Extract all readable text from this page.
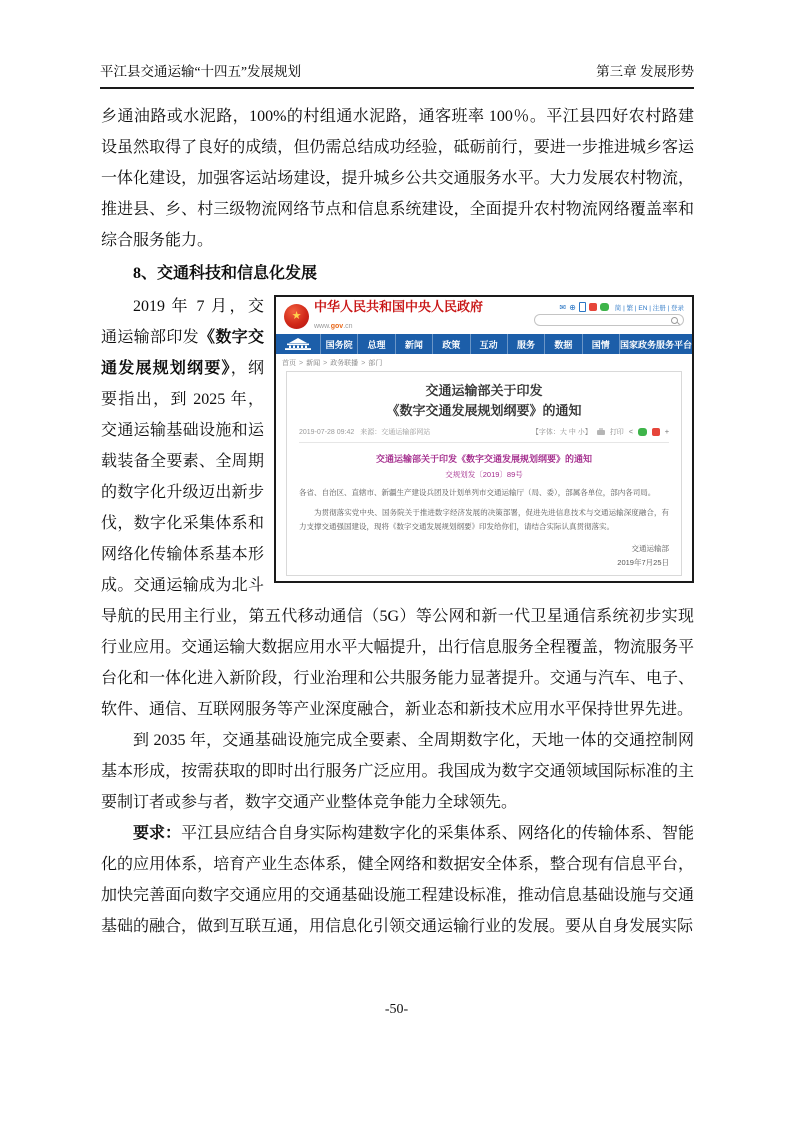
平江县交通运输“十四五”发展规划	第三章 发展形势
乡通油路或水泥路，100%的村组通水泥路，通客班率 100％。平江县四好农村路建设虽然取得了良好的成绩，但仍需总结成功经验，砥砺前行，要进一步推进城乡客运一体化建设，加强客运站场建设，提升城乡公共交通服务水平。大力发展农村物流，推进县、乡、村三级物流网络节点和信息系统建设，全面提升农村物流网络覆盖率和综合服务能力。
8、交通科技和信息化发展
★
中华人民共和国中央人民政府
www.gov.cn
✉ ⊕	简 | 繁 | EN | 注册 | 登录
国务院	总理	新闻	政策	互动	服务	数据	国情	国家政务服务平台
首页 > 新闻 > 政务联播 > 部门
交通运输部关于印发
《数字交通发展规划纲要》的通知
2019-07-28 09:42 来源：交通运输部网站	【字体：大 中 小】	打印 <	+
交通运输部关于印发《数字交通发展规划纲要》的通知
交规划发〔2019〕89号
各省、自治区、直辖市、新疆生产建设兵团及计划单列市交通运输厅（局、委），部属各单位，部内各司局。
为贯彻落实党中央、国务院关于推进数字经济发展的决策部署，促进先进信息技术与交通运输深度融合，有力支撑交通强国建设，现将《数字交通发展规划纲要》印发给你们，请结合实际认真贯彻落实。
交通运输部
2019年7月25日
2019 年 7 月，交通运输部印发《数字交通发展规划纲要》，纲要指出，到 2025 年，交通运输基础设施和运载装备全要素、全周期的数字化升级迈出新步伐，数字化采集体系和网络化传输体系基本形成。交通运输成为北斗导航的民用主行业，第五代移动通信（5G）等公网和新一代卫星通信系统初步实现行业应用。交通运输大数据应用水平大幅提升，出行信息服务全程覆盖，物流服务平台化和一体化进入新阶段，行业治理和公共服务能力显著提升。交通与汽车、电子、软件、通信、互联网服务等产业深度融合，新业态和新技术应用水平保持世界先进。
到 2035 年，交通基础设施完成全要素、全周期数字化，天地一体的交通控制网基本形成，按需获取的即时出行服务广泛应用。我国成为数字交通领域国际标准的主要制订者或参与者，数字交通产业整体竞争能力全球领先。
要求：平江县应结合自身实际构建数字化的采集体系、网络化的传输体系、智能化的应用体系，培育产业生态体系，健全网络和数据安全体系，整合现有信息平台，加快完善面向数字交通应用的交通基础设施工程建设标准，推动信息基础设施与交通基础的融合，做到互联互通，用信息化引领交通运输行业的发展。要从自身发展实际
-50-
